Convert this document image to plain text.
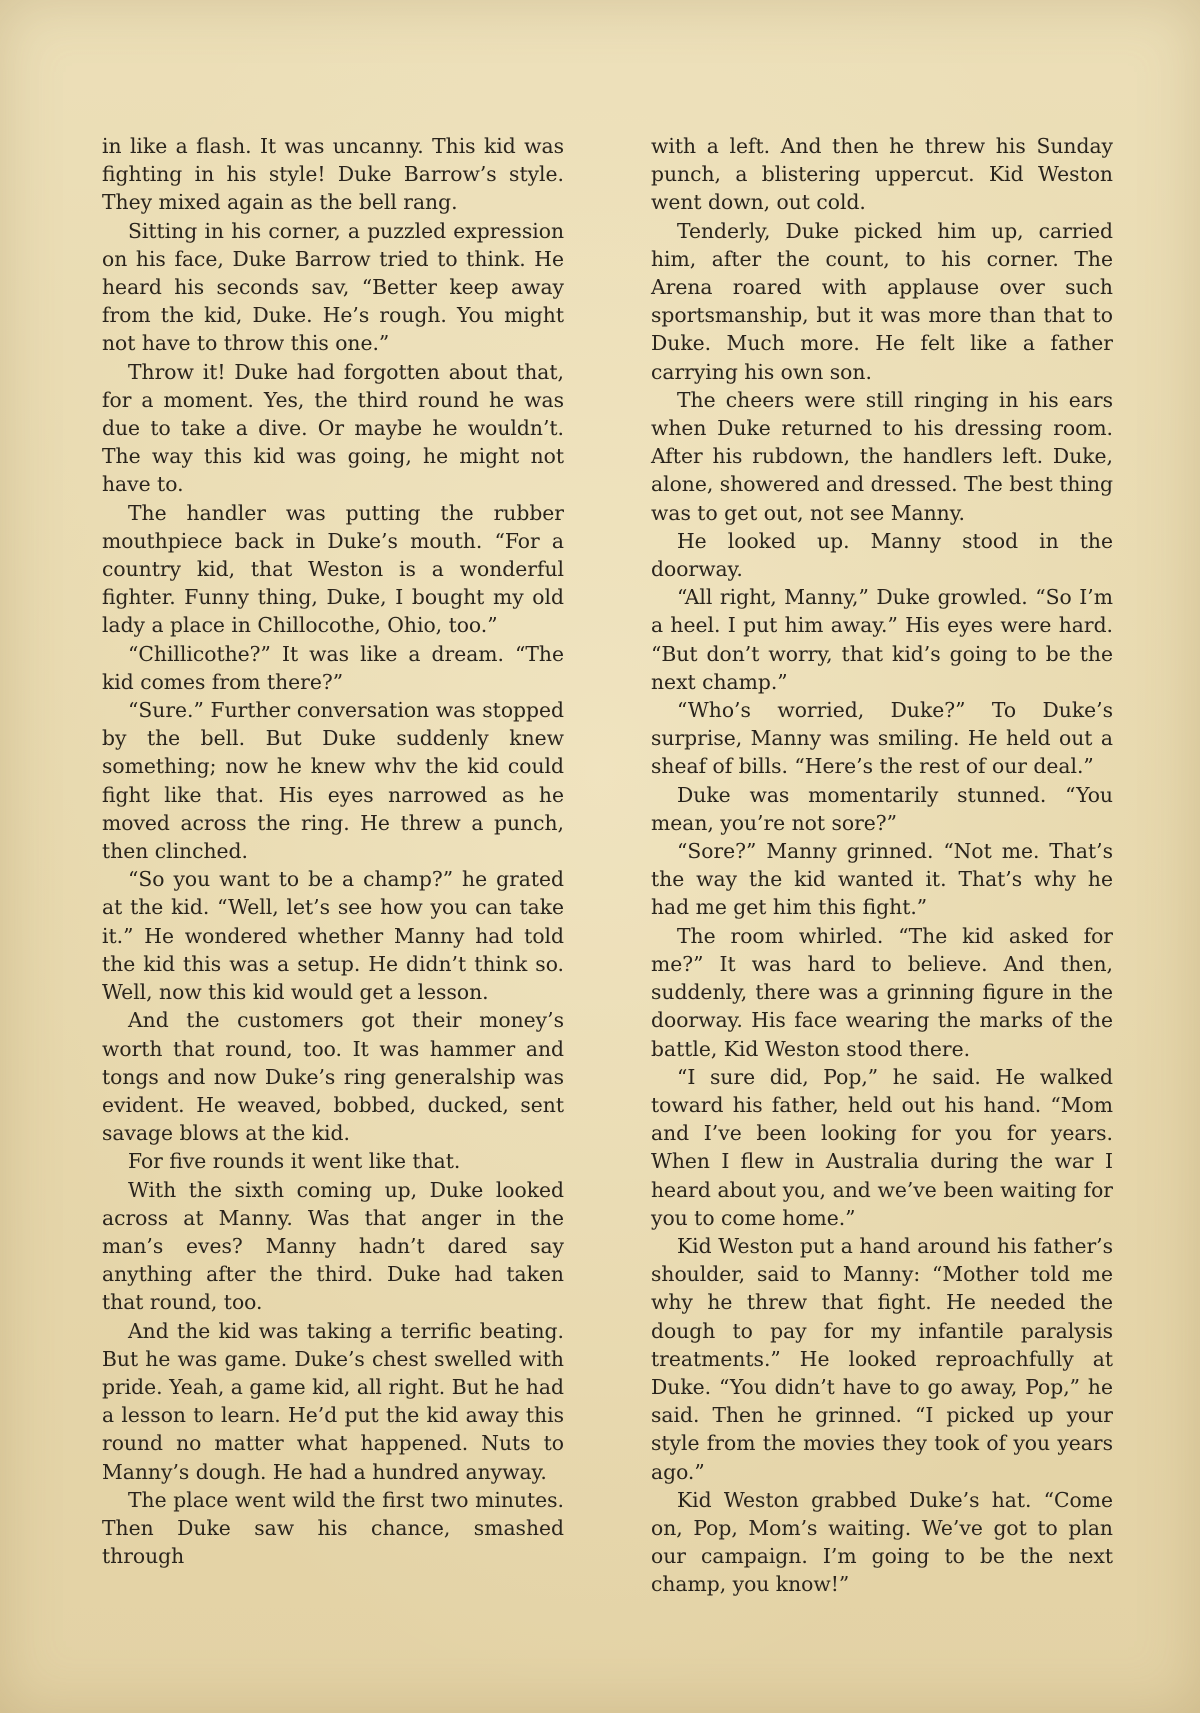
in like a flash. It was uncanny. This kid was fighting in his style! Duke Barrow’s style. They mixed again as the bell rang.

Sitting in his corner, a puzzled expression on his face, Duke Barrow tried to think. He heard his seconds sav, “Better keep away from the kid, Duke. He’s rough. You might not have to throw this one.”

Throw it! Duke had forgotten about that, for a moment. Yes, the third round he was due to take a dive. Or maybe he wouldn’t. The way this kid was going, he might not have to.

The handler was putting the rubber mouthpiece back in Duke’s mouth. “For a country kid, that Weston is a wonderful fighter. Funny thing, Duke, I bought my old lady a place in Chillocothe, Ohio, too.”

“Chillicothe?” It was like a dream. “The kid comes from there?”

“Sure.” Further conversation was stopped by the bell. But Duke suddenly knew something; now he knew whv the kid could fight like that. His eyes narrowed as he moved across the ring. He threw a punch, then clinched.

“So you want to be a champ?” he grated at the kid. “Well, let’s see how you can take it.” He wondered whether Manny had told the kid this was a setup. He didn’t think so. Well, now this kid would get a lesson.

And the customers got their money’s worth that round, too. It was hammer and tongs and now Duke’s ring generalship was evident. He weaved, bobbed, ducked, sent savage blows at the kid.

For five rounds it went like that.

With the sixth coming up, Duke looked across at Manny. Was that anger in the man’s eves? Manny hadn’t dared say anything after the third. Duke had taken that round, too.

And the kid was taking a terrific beating. But he was game. Duke’s chest swelled with pride. Yeah, a game kid, all right. But he had a lesson to learn. He’d put the kid away this round no matter what happened. Nuts to Manny’s dough. He had a hundred anyway.

The place went wild the first two minutes. Then Duke saw his chance, smashed through

with a left. And then he threw his Sunday punch, a blistering uppercut. Kid Weston went down, out cold.

Tenderly, Duke picked him up, carried him, after the count, to his corner. The Arena roared with applause over such sportsmanship, but it was more than that to Duke. Much more. He felt like a father carrying his own son.

The cheers were still ringing in his ears when Duke returned to his dressing room. After his rubdown, the handlers left. Duke, alone, showered and dressed. The best thing was to get out, not see Manny.

He looked up. Manny stood in the doorway.

“All right, Manny,” Duke growled. “So I’m a heel. I put him away.” His eyes were hard. “But don’t worry, that kid’s going to be the next champ.”

“Who’s worried, Duke?” To Duke’s surprise, Manny was smiling. He held out a sheaf of bills. “Here’s the rest of our deal.”

Duke was momentarily stunned. “You mean, you’re not sore?”

“Sore?” Manny grinned. “Not me. That’s the way the kid wanted it. That’s why he had me get him this fight.”

The room whirled. “The kid asked for me?” It was hard to believe. And then, suddenly, there was a grinning figure in the doorway. His face wearing the marks of the battle, Kid Weston stood there.

“I sure did, Pop,” he said. He walked toward his father, held out his hand. “Mom and I’ve been looking for you for years. When I flew in Australia during the war I heard about you, and we’ve been waiting for you to come home.”

Kid Weston put a hand around his father’s shoulder, said to Manny: “Mother told me why he threw that fight. He needed the dough to pay for my infantile paralysis treatments.” He looked reproachfully at Duke. “You didn’t have to go away, Pop,” he said. Then he grinned. “I picked up your style from the movies they took of you years ago.”

Kid Weston grabbed Duke’s hat. “Come on, Pop, Mom’s waiting. We’ve got to plan our campaign. I’m going to be the next champ, you know!”
